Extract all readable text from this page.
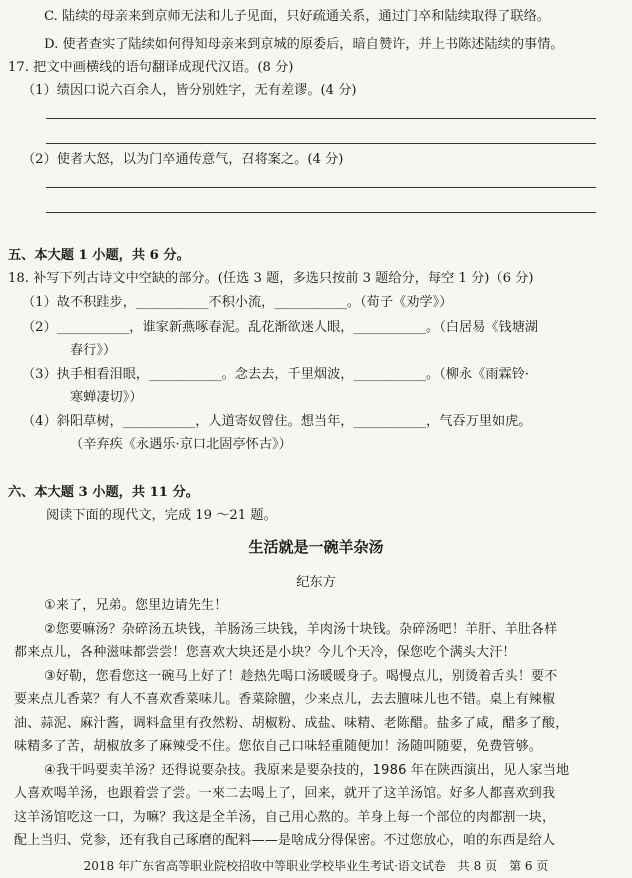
C. 陆续的母亲来到京师无法和儿子见面，只好疏通关系，通过门卒和陆续取得了联络。
D. 使者查实了陆续如何得知母亲来到京城的原委后，暗自赞许，并上书陈述陆续的事情。
17. 把文中画横线的语句翻译成现代汉语。(8 分)
（1）绩因口说六百余人，皆分别姓字，无有差谬。(4 分)
（2）使者大怒，以为门卒通传意气，召将案之。(4 分)
五、本大题 1 小题，共 6 分。
18. 补写下列古诗文中空缺的部分。(任选 3 题，多选只按前 3 题给分，每空 1 分)（6 分)
（1）故不积跬步，___________不积小流，___________。（荀子《劝学》）
（2）___________，谁家新燕啄春泥。乱花渐欲迷人眼，___________。（白居易《钱塘湖
春行》）
（3）执手相看泪眼，___________。念去去，千里烟波，___________。（柳永《雨霖铃·
寒蝉凄切》）
（4）斜阳草树，___________，人道寄奴曾住。想当年，___________，气吞万里如虎。
（辛弃疾《永遇乐·京口北固亭怀古》）
六、本大题 3 小题，共 11 分。
阅读下面的现代文，完成 19 ～21 题。
生活就是一碗羊杂汤
纪东方
①来了，兄弟。您里边请先生！
②您要嘛汤？杂碎汤五块钱，羊肠汤三块钱，羊肉汤十块钱。杂碎汤吧！羊肝、羊肚各样
都来点儿，各种滋味都尝尝！您喜欢大块还是小块？今儿个天冷，保您吃个满头大汗！
③好勒，您看您这一碗马上好了！趁热先喝口汤暖暖身子。喝慢点儿，别烫着舌头！要不
要来点儿香菜？有人不喜欢香菜味儿。香菜除膻，少来点儿，去去膻味儿也不错。桌上有辣椒
油、蒜泥、麻汁酱，调料盒里有孜然粉、胡椒粉、成盐、味精、老陈醋。盐多了咸，醋多了酸，
味精多了苦，胡椒放多了麻辣受不住。您依自己口味轻重随便加！汤随叫随要，免费管够。
④我干吗要卖羊汤？还得说要杂技。我原来是要杂技的，1986 年在陕西演出，见人家当地
人喜欢喝羊汤，也跟着尝了尝。一來二去喝上了，回来，就开了这羊汤馆。好多人都喜欢到我
这羊汤馆吃这一口，为嘛？我这是全羊汤，自己用心熬的。羊身上每一个部位的肉都割一块，
配上当归、党参，还有我自己琢磨的配料——是啥成分得保密。不过您放心，咱的东西是给人
2018 年广东省高等职业院校招收中等职业学校毕业生考试·语文试卷　共 8 页　第 6 页
